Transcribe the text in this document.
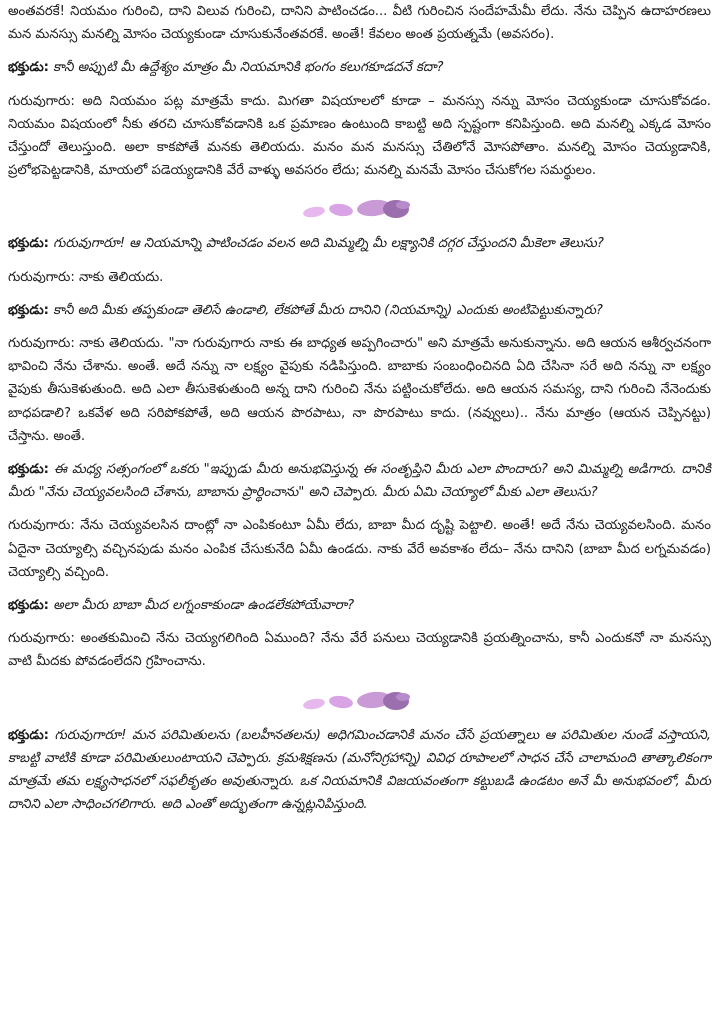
అంతవరకే! నియమం గురించి, దాని విలువ గురించి, దానిని పాటించడం... వీటి గురించిన సందేహమేమీ లేదు. నేను చెప్పిన ఉదాహరణలు మన మనస్సు మనల్ని మోసం చెయ్యకుండా చూసుకునేంతవరకే. అంతే! కేవలం అంత ప్రయత్నమే (అవసరం).

భక్తుడు: కానీ అప్పుటి మీ ఉద్దేశ్యం మాత్రం మీ నియమానికి భంగం కలుగకూడదనే కదా?

గురువుగారు: అది నియమం పట్ల మాత్రమే కాదు. మిగతా విషయాలలో కూడా – మనస్సు నన్ను మోసం చెయ్యకుండా చూసుకోవడం. నియమం విషయంలో నీకు తరచి చూసుకోవడానికి ఒక ప్రమాణం ఉంటుంది కాబట్టి అది స్పష్టంగా కనిపిస్తుంది. అది మనల్ని ఎక్కడ మోసం చేస్తుందో తెలుస్తుంది. అలా కాకపోతే మనకు తెలియదు. మనం మన మనస్సు చేతిలోనే మోసపోతాం. మనల్ని మోసం చెయ్యడానికి, ప్రలోభపెట్టడానికి, మాయలో పడెయ్యడానికి వేరే వాళ్ళు అవసరం లేదు; మనల్ని మనమే మోసం చేసుకోగల సమర్థులం.

భక్తుడు: గురువుగారూ! ఆ నియమాన్ని పాటించడం వలన అది మిమ్మల్ని మీ లక్ష్యానికి దగ్గర చేస్తుందని మీకెలా తెలుసు?

గురువుగారు: నాకు తెలియదు.

భక్తుడు: కానీ అది మీకు తప్పకుండా తెలిసే ఉండాలి, లేకపోతే మీరు దానిని (నియమాన్ని) ఎందుకు అంటిపెట్టుకున్నారు?

గురువుగారు: నాకు తెలియదు. "నా గురువుగారు నాకు ఈ బాధ్యత అప్పగించారు" అని మాత్రమే అనుకున్నాను. అది ఆయన ఆశీర్వచనంగా భావించి నేను చేశాను. అంతే. అదే నన్ను నా లక్ష్యం వైపుకు నడిపిస్తుంది. బాబాకు సంబంధించినది ఏది చేసినా సరే అది నన్ను నా లక్ష్యం వైపుకు తీసుకెళుతుంది. అది ఎలా తీసుకెళుతుంది అన్న దాని గురించి నేను పట్టించుకోలేదు. అది ఆయన సమస్య, దాని గురించి నేనెందుకు బాధపడాలి? ఒకవేళ అది సరిపోకపోతే, అది ఆయన పొరపాటు, నా పొరపాటు కాదు. (నవ్వులు).. నేను మాత్రం (ఆయన చెప్పినట్టు) చేస్తాను. అంతే.

భక్తుడు: ఈ మధ్య సత్సంగంలో ఒకరు "ఇప్పుడు మీరు అనుభవిస్తున్న ఈ సంతృప్తిని మీరు ఎలా పొందారు? అని మిమ్మల్ని అడిగారు. దానికి మీరు "నేను చెయ్యవలసింది చేశాను, బాబాను ప్రార్థించాను" అని చెప్పారు. మీరు ఏమి చెయ్యాలో మీకు ఎలా తెలుసు?

గురువుగారు: నేను చెయ్యవలసిన దాంట్లో నా ఎంపికంటూ ఏమీ లేదు, బాబా మీద దృష్టి పెట్టాలి. అంతే! అదే నేను చెయ్యవలసింది. మనం ఏదైనా చెయ్యాల్సి వచ్చినపుడు మనం ఎంపిక చేసుకునేది ఏమీ ఉండదు. నాకు వేరే అవకాశం లేదు– నేను దానిని (బాబా మీద లగ్నమవడం) చెయ్యాల్సి వచ్చింది.

భక్తుడు: అలా మీరు బాబా మీద లగ్నంకాకుండా ఉండలేకపోయేవారా?

గురువుగారు: అంతకుమించి నేను చెయ్యగలిగింది ఏముంది? నేను వేరే పనులు చెయ్యడానికి ప్రయత్నించాను, కానీ ఎందుకనో నా మనస్సు వాటి మీదకు పోవడంలేదని గ్రహించాను.

భక్తుడు: గురువుగారూ! మన పరిమితులను (బలహీనతలను) అధిగమించడానికి మనం చేసే ప్రయత్నాలు ఆ పరిమితుల నుండే వస్తాయని, కాబట్టి వాటికి కూడా పరిమితులుంటాయని చెప్పారు. క్రమశిక్షణను (మనోనిగ్రహాన్ని) వివిధ రూపాలలో సాధన చేసే చాలామంది తాత్కాలికంగా మాత్రమే తమ లక్ష్యసాధనలో సఫలీకృతం అవుతున్నారు. ఒక నియమానికి విజయవంతంగా కట్టుబడి ఉండటం అనే మీ అనుభవంలో, మీరు దానిని ఎలా సాధించగలిగారు. అది ఎంతో అద్భుతంగా ఉన్నట్లనిపిస్తుంది.
